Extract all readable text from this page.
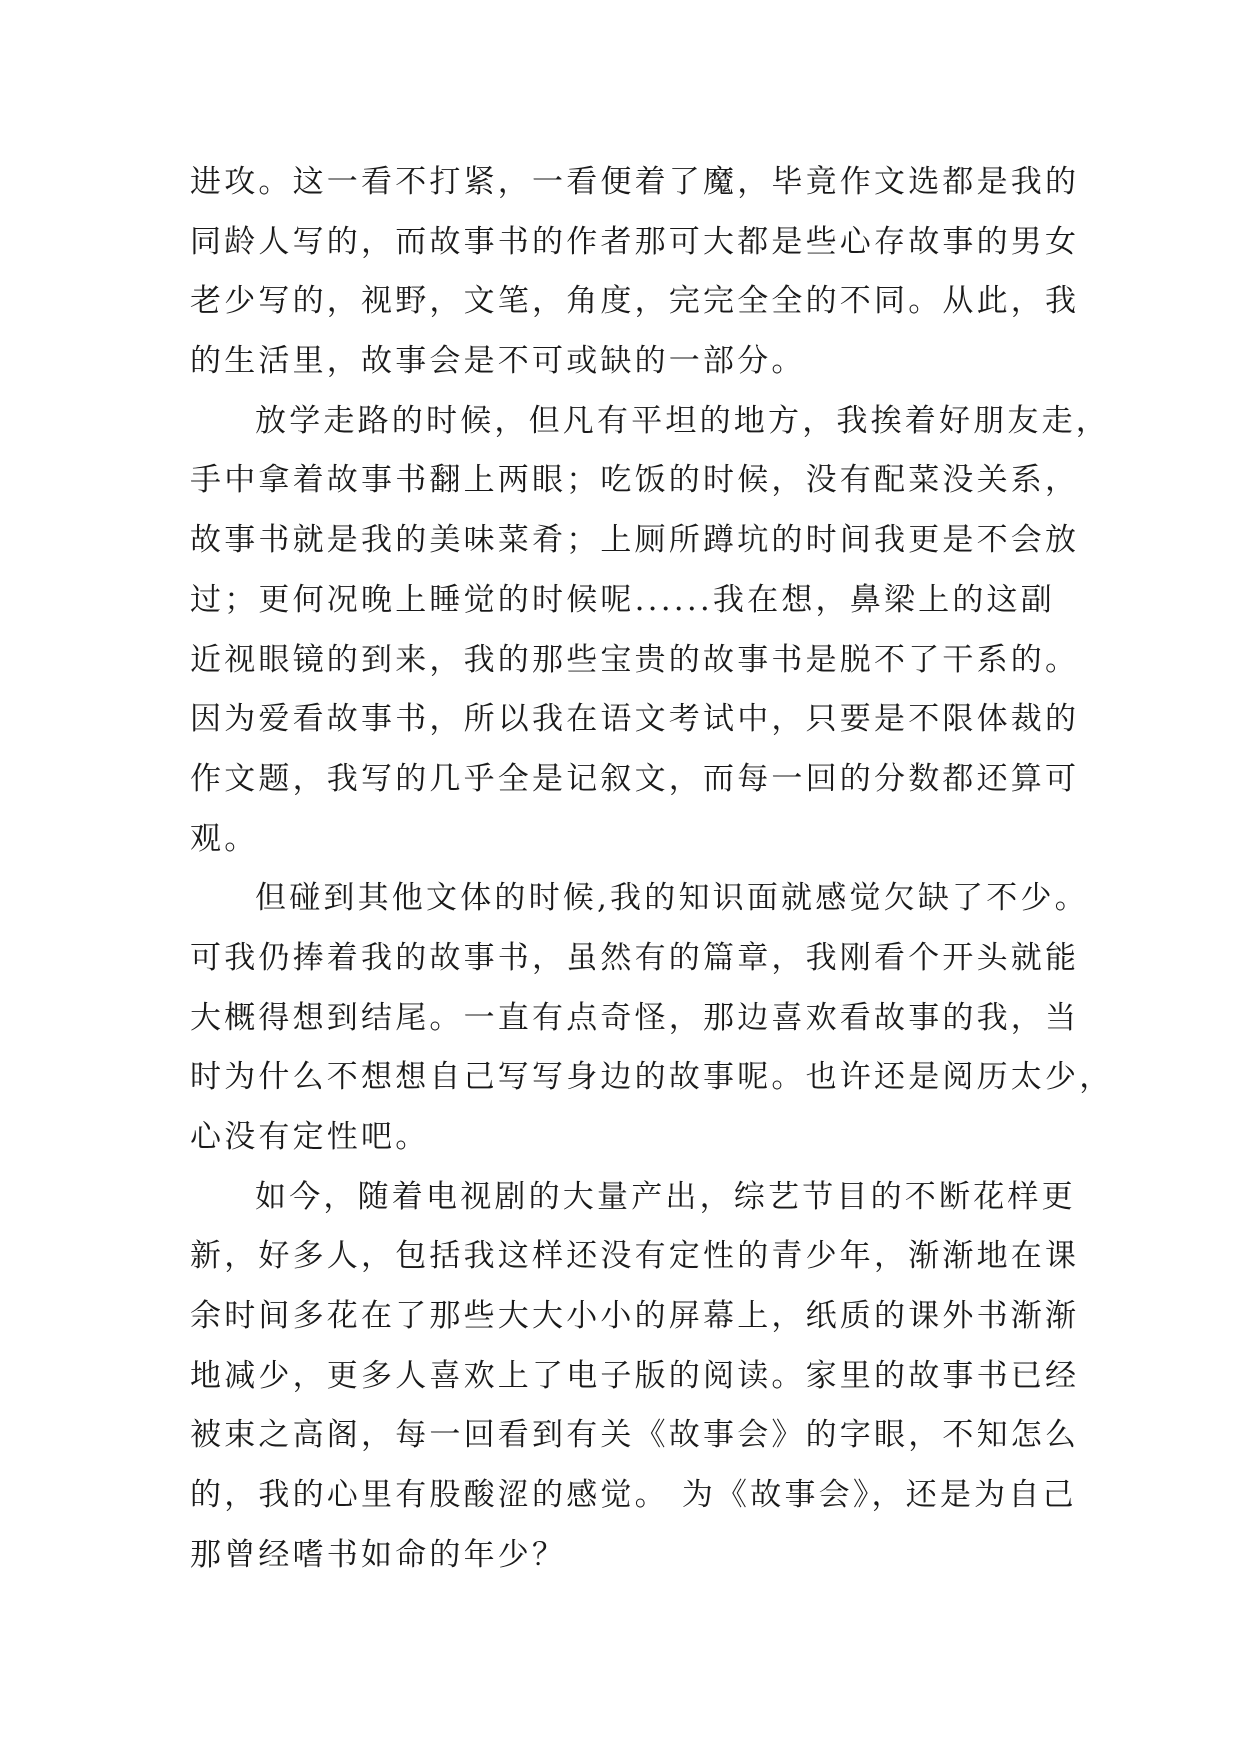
进攻。这一看不打紧，一看便着了魔，毕竟作文选都是我的
同龄人写的，而故事书的作者那可大都是些心存故事的男女
老少写的，视野，文笔，角度，完完全全的不同。从此，我
的生活里，故事会是不可或缺的一部分。
放学走路的时候，但凡有平坦的地方，我挨着好朋友走，
手中拿着故事书翻上两眼；吃饭的时候，没有配菜没关系，
故事书就是我的美味菜肴；上厕所蹲坑的时间我更是不会放
过；更何况晚上睡觉的时候呢......我在想，鼻梁上的这副
近视眼镜的到来，我的那些宝贵的故事书是脱不了干系的。
因为爱看故事书，所以我在语文考试中，只要是不限体裁的
作文题，我写的几乎全是记叙文，而每一回的分数都还算可
观。
但碰到其他文体的时候,我的知识面就感觉欠缺了不少。
可我仍捧着我的故事书，虽然有的篇章，我刚看个开头就能
大概得想到结尾。一直有点奇怪，那边喜欢看故事的我，当
时为什么不想想自己写写身边的故事呢。也许还是阅历太少，
心没有定性吧。
如今，随着电视剧的大量产出，综艺节目的不断花样更
新，好多人，包括我这样还没有定性的青少年，渐渐地在课
余时间多花在了那些大大小小的屏幕上，纸质的课外书渐渐
地减少，更多人喜欢上了电子版的阅读。家里的故事书已经
被束之高阁，每一回看到有关《故事会》的字眼，不知怎么
的，我的心里有股酸涩的感觉。 为《故事会》，还是为自己
那曾经嗜书如命的年少？
